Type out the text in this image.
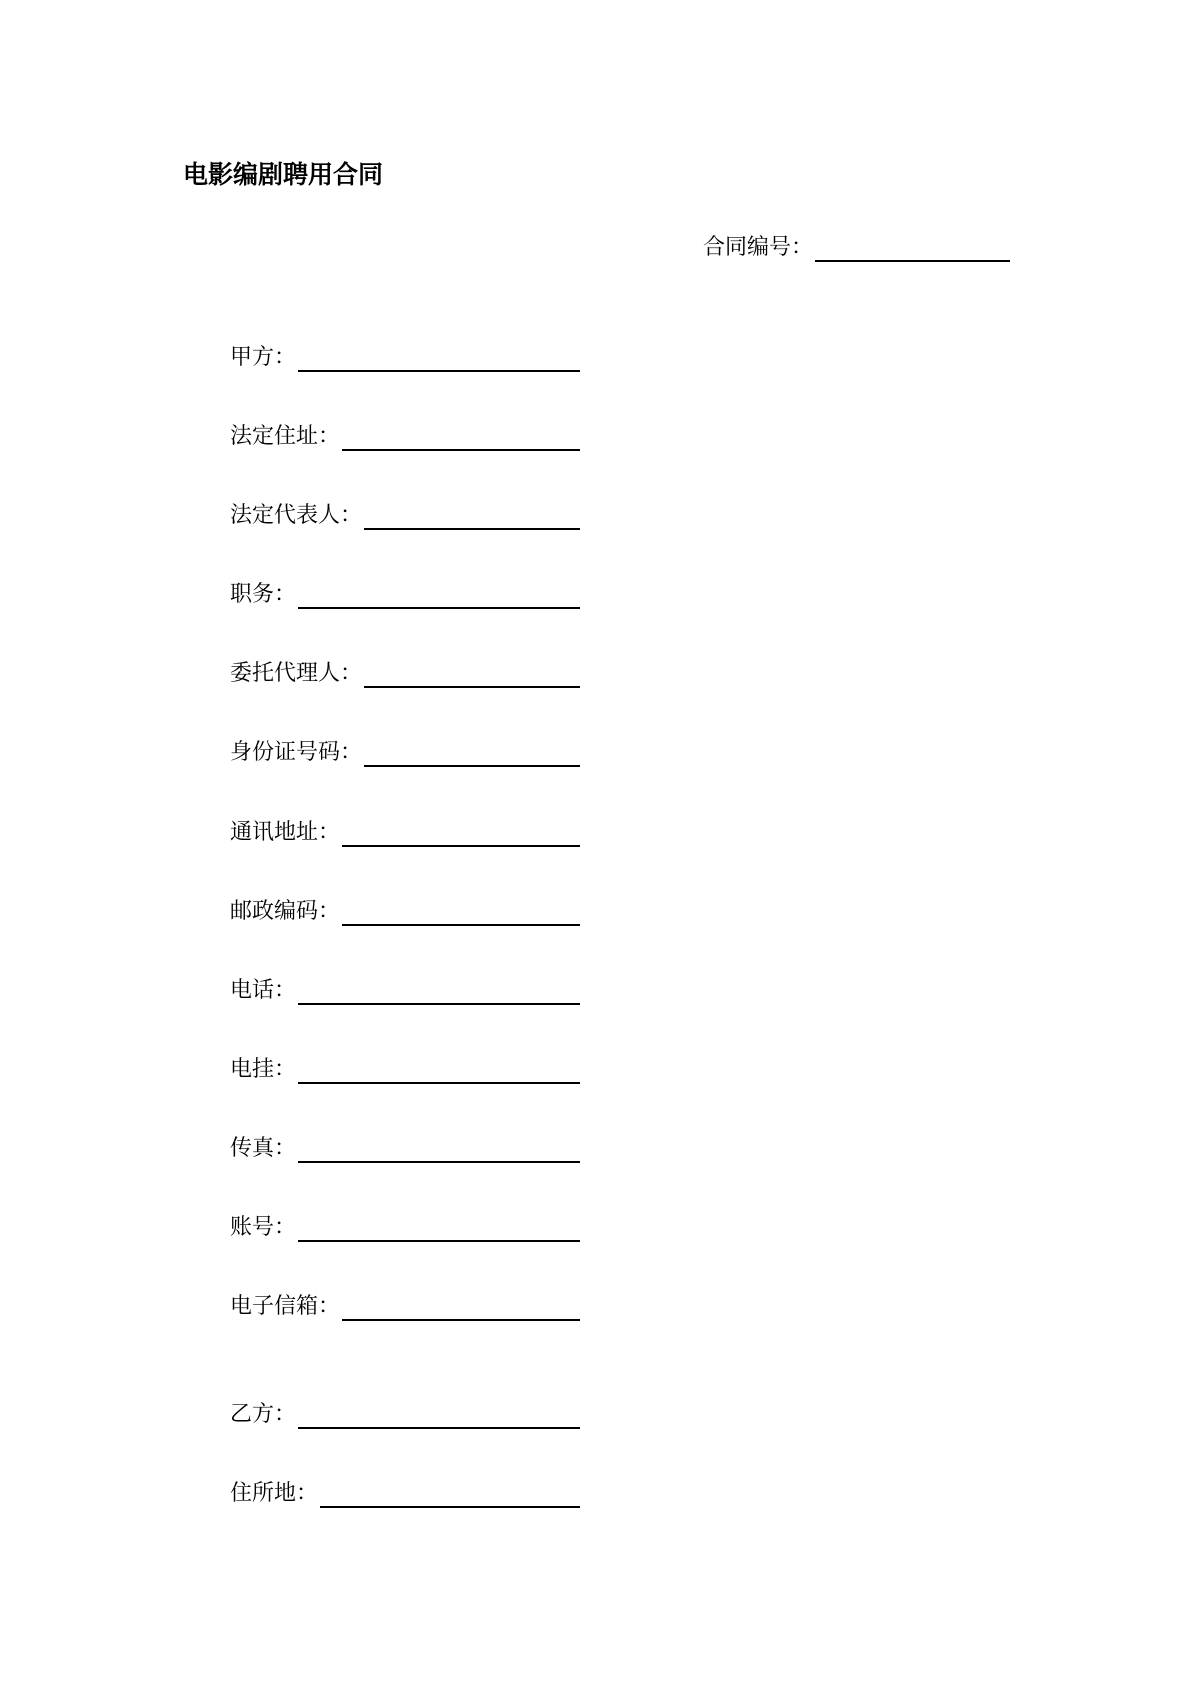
电影编剧聘用合同
合同编号：
甲方：
法定住址：
法定代表人：
职务：
委托代理人：
身份证号码：
通讯地址：
邮政编码：
电话：
电挂：
传真：
账号：
电子信箱：
乙方：
住所地：
